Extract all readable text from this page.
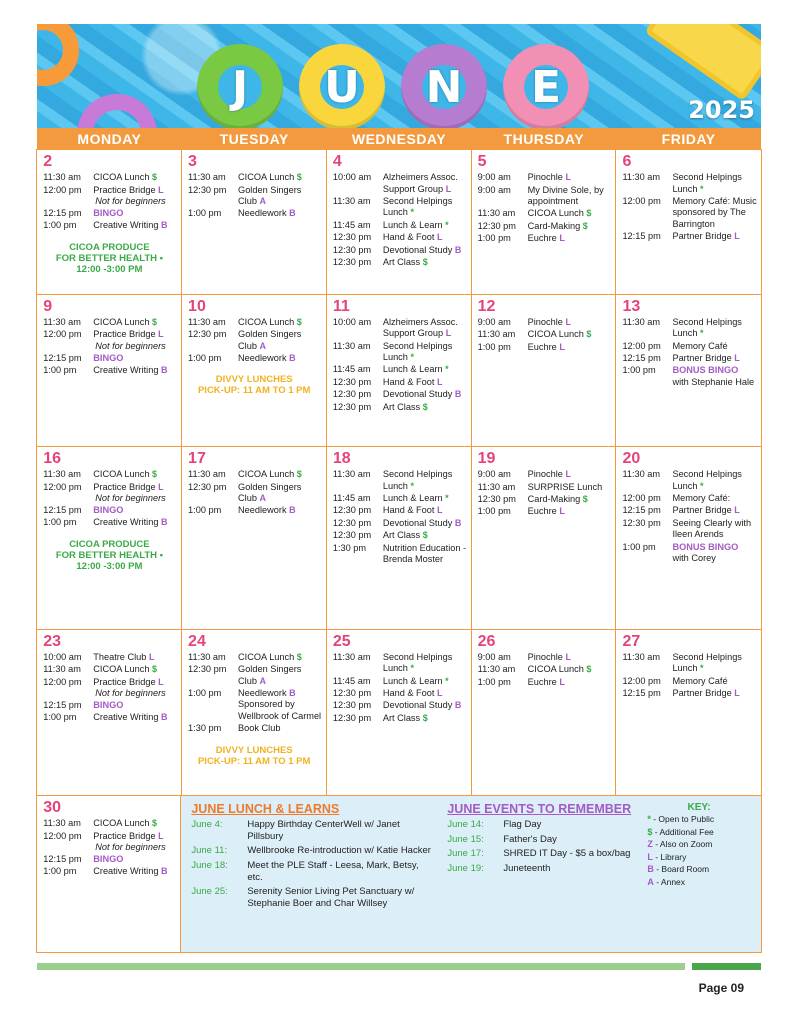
J	U N E	2025
MONDAY	TUESDAY	WEDNESDAY	THURSDAY	FRIDAY
2
11:30 am	CICOA Lunch $
12:00 pm	Practice Bridge L
Not for beginners
12:15 pm	BINGO
1:00 pm	Creative Writing B
CICOA PRODUCE
FOR BETTER HEALTH •
12:00 -3:00 PM
3
11:30 am	CICOA Lunch $
12:30 pm	Golden Singers Club A
1:00 pm	Needlework B
4
10:00 am	Alzheimers Assoc. Support Group L
11:30 am	Second Helpings Lunch *
11:45 am	Lunch & Learn *
12:30 pm	Hand & Foot L
12:30 pm	Devotional Study B
12:30 pm	Art Class $
5
9:00 am	Pinochle L
9:00 am	My Divine Sole, by appointment
11:30 am	CICOA Lunch $
12:30 pm	Card-Making $
1:00 pm	Euchre L
6
11:30 am	Second Helpings Lunch *
12:00 pm	Memory Café: Music sponsored by The Barrington
12:15 pm	Partner Bridge L
9
11:30 am	CICOA Lunch $
12:00 pm	Practice Bridge L
Not for beginners
12:15 pm	BINGO
1:00 pm	Creative Writing B
10
11:30 am	CICOA Lunch $
12:30 pm	Golden Singers Club A
1:00 pm	Needlework B
DIVVY LUNCHES
PICK-UP: 11 AM TO 1 PM
11
10:00 am	Alzheimers Assoc. Support Group L
11:30 am	Second Helpings Lunch *
11:45 am	Lunch & Learn *
12:30 pm	Hand & Foot L
12:30 pm	Devotional Study B
12:30 pm	Art Class $
12
9:00 am	Pinochle L
11:30 am	CICOA Lunch $
1:00 pm	Euchre L
13
11:30 am	Second Helpings Lunch *
12:00 pm	Memory Café
12:15 pm	Partner Bridge L
1:00 pm	BONUS BINGO
with Stephanie Hale
16
11:30 am	CICOA Lunch $
12:00 pm	Practice Bridge L
Not for beginners
12:15 pm	BINGO
1:00 pm	Creative Writing B
CICOA PRODUCE
FOR BETTER HEALTH •
12:00 -3:00 PM
17
11:30 am	CICOA Lunch $
12:30 pm	Golden Singers Club A
1:00 pm	Needlework B
18
11:30 am	Second Helpings Lunch *
11:45 am	Lunch & Learn *
12:30 pm	Hand & Foot L
12:30 pm	Devotional Study B
12:30 pm	Art Class $
1:30 pm	Nutrition Education - Brenda Moster
19
9:00 am	Pinochle L
11:30 am	SURPRISE Lunch
12:30 pm	Card-Making $
1:00 pm	Euchre L
20
11:30 am	Second Helpings Lunch *
12:00 pm	Memory Café:
12:15 pm	Partner Bridge L
12:30 pm	Seeing Clearly with Ileen Arends
1:00 pm	BONUS BINGO
with Corey
23
10:00 am	Theatre Club L
11:30 am	CICOA Lunch $
12:00 pm	Practice Bridge L
Not for beginners
12:15 pm	BINGO
1:00 pm	Creative Writing B
24
11:30 am	CICOA Lunch $
12:30 pm	Golden Singers Club A
1:00 pm	Needlework B
Sponsored by Wellbrook of Carmel
1:30 pm	Book Club
DIVVY LUNCHES
PICK-UP: 11 AM TO 1 PM
25
11:30 am	Second Helpings Lunch *
11:45 am	Lunch & Learn *
12:30 pm	Hand & Foot L
12:30 pm	Devotional Study B
12:30 pm	Art Class $
26
9:00 am	Pinochle L
11:30 am	CICOA Lunch $
1:00 pm	Euchre L
27
11:30 am	Second Helpings Lunch *
12:00 pm	Memory Café
12:15 pm	Partner Bridge L
30
11:30 am	CICOA Lunch $
12:00 pm	Practice Bridge L
Not for beginners
12:15 pm	BINGO
1:00 pm	Creative Writing B
JUNE LUNCH & LEARNS
June 4:	Happy Birthday CenterWell w/ Janet Pillsbury
June 11:	Wellbrooke Re-introduction w/ Katie Hacker
June 18:	Meet the PLE Staff - Leesa, Mark, Betsy, etc.
June 25:	Serenity Senior Living Pet Sanctuary w/ Stephanie Boer and Char Willsey
JUNE EVENTS TO REMEMBER
June 14:	Flag Day
June 15:	Father's Day
June 17:	SHRED IT Day - $5 a box/bag
June 19:	Juneteenth
KEY:
* - Open to Public
$ - Additional Fee
Z - Also on Zoom
L - Library
B - Board Room
A - Annex
Page 09
